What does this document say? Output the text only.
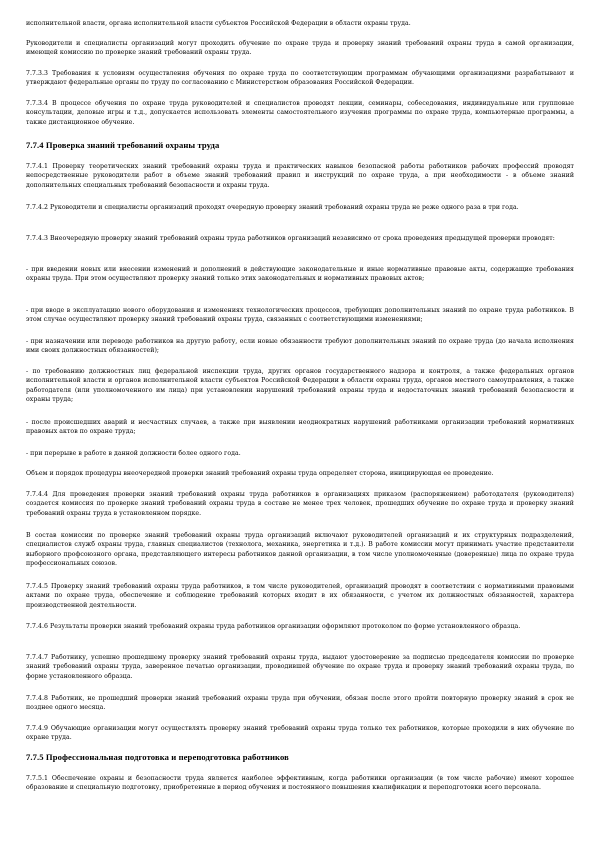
исполнительной власти, органа исполнительной власти субъектов Российской Федерации в области охраны труда.

Руководители и специалисты организаций могут проходить обучение по охране труда и проверку знаний требований охраны труда в самой организации, имеющей комиссию по проверке знаний требований охраны труда.

7.7.3.3 Требования к условиям осуществления обучения по охране труда по соответствующим программам обучающими организациями разрабатывают и утверждают федеральные органы по труду по согласованию с Министерством образования Российской Федерации.

7.7.3.4 В процессе обучения по охране труда руководителей и специалистов проводят лекции, семинары, собеседования, индивидуальные или групповые консультации, деловые игры и т.д., допускается использовать элементы самостоятельного изучения программы по охране труда, компьютерные программы, а также дистанционное обучение.

7.7.4 Проверка знаний требований охраны труда

7.7.4.1 Проверку теоретических знаний требований охраны труда и практических навыков безопасной работы работников рабочих профессий проводят непосредственные руководители работ в объеме знаний требований правил и инструкций по охране труда, а при необходимости - в объеме знаний дополнительных специальных требований безопасности и охраны труда.

7.7.4.2 Руководители и специалисты организаций проходят очередную проверку знаний требований охраны труда не реже одного раза в три года.

7.7.4.3 Внеочередную проверку знаний требований охраны труда работников организаций независимо от срока проведения предыдущей проверки проводят:

- при введении новых или внесении изменений и дополнений в действующие законодательные и иные нормативные правовые акты, содержащие требования охраны труда. При этом осуществляют проверку знаний только этих законодательных и нормативных правовых актов;

- при вводе в эксплуатацию нового оборудования и изменениях технологических процессов, требующих дополнительных знаний по охране труда работников. В этом случае осуществляют проверку знаний требований охраны труда, связанных с соответствующими изменениями;

- при назначении или переводе работников на другую работу, если новые обязанности требуют дополнительных знаний по охране труда (до начала исполнения ими своих должностных обязанностей);

- по требованию должностных лиц федеральной инспекции труда, других органов государственного надзора и контроля, а также федеральных органов исполнительной власти и органов исполнительной власти субъектов Российской Федерации в области охраны труда, органов местного самоуправления, а также работодателя (или уполномоченного им лица) при установлении нарушений требований охраны труда и недостаточных знаний требований безопасности и охраны труда;

- после происшедших аварий и несчастных случаев, а также при выявлении неоднократных нарушений работниками организации требований нормативных правовых актов по охране труда;

- при перерыве в работе в данной должности более одного года.

Объем и порядок процедуры внеочередной проверки знаний требований охраны труда определяет сторона, инициирующая ее проведение.

7.7.4.4 Для проведения проверки знаний требований охраны труда работников в организациях приказом (распоряжением) работодателя (руководителя) создается комиссия по проверке знаний требований охраны труда в составе не менее трех человек, прошедших обучение по охране труда и проверку знаний требований охраны труда в установленном порядке.

В состав комиссии по проверке знаний требований охраны труда организаций включают руководителей организаций и их структурных подразделений, специалистов служб охраны труда, главных специалистов (технолога, механика, энергетика и т.д.). В работе комиссии могут принимать участие представители выборного профсоюзного органа, представляющего интересы работников данной организации, в том числе уполномоченные (доверенные) лица по охране труда профессиональных союзов.

7.7.4.5 Проверку знаний требований охраны труда работников, в том числе руководителей, организаций проводят в соответствии с нормативными правовыми актами по охране труда, обеспечение и соблюдение требований которых входит в их обязанности, с учетом их должностных обязанностей, характера производственной деятельности.

7.7.4.6 Результаты проверки знаний требований охраны труда работников организации оформляют протоколом по форме установленного образца.

7.7.4.7 Работнику, успешно прошедшему проверку знаний требований охраны труда, выдают удостоверение за подписью председателя комиссии по проверке знаний требований охраны труда, заверенное печатью организации, проводившей обучение по охране труда и проверку знаний требований охраны труда, по форме установленного образца.

7.7.4.8 Работник, не прошедший проверки знаний требований охраны труда при обучении, обязан после этого пройти повторную проверку знаний в срок не позднее одного месяца.

7.7.4.9 Обучающие организации могут осуществлять проверку знаний требований охраны труда только тех работников, которые проходили в них обучение по охране труда.

7.7.5 Профессиональная подготовка и переподготовка работников

7.7.5.1 Обеспечение охраны и безопасности труда является наиболее эффективным, когда работники организации (в том числе рабочие) имеют хорошее образование и специальную подготовку, приобретенные в период обучения и постоянного повышения квалификации и переподготовки всего персонала.
